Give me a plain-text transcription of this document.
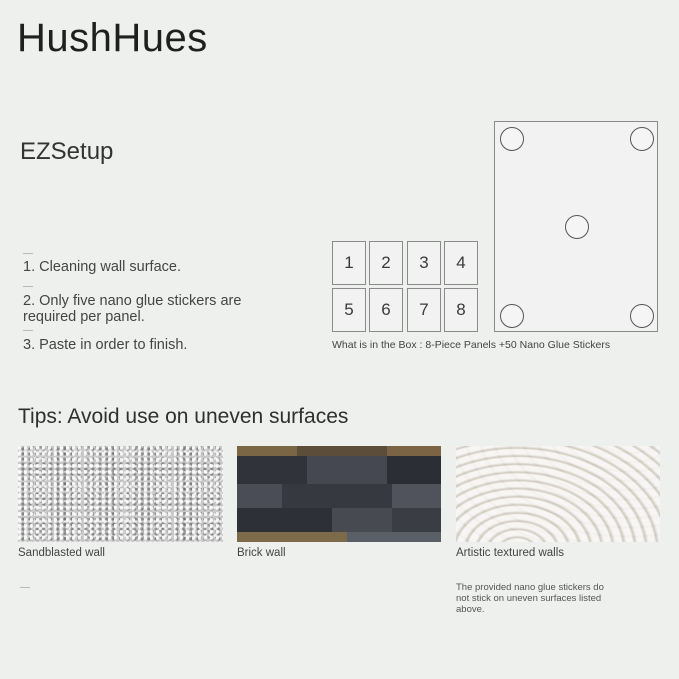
HushHues
EZSetup
1. Cleaning wall surface.
2. Only five nano glue stickers are required per panel.
3. Paste in order to finish.
1	2	3	4
5	6	7	8
What is in the Box : 8-Piece Panels +50 Nano Glue Stickers
Tips: Avoid use on uneven surfaces
Sandblasted wall	Brick wall	Artistic textured walls
The provided nano glue stickers do not stick on uneven surfaces listed above.
